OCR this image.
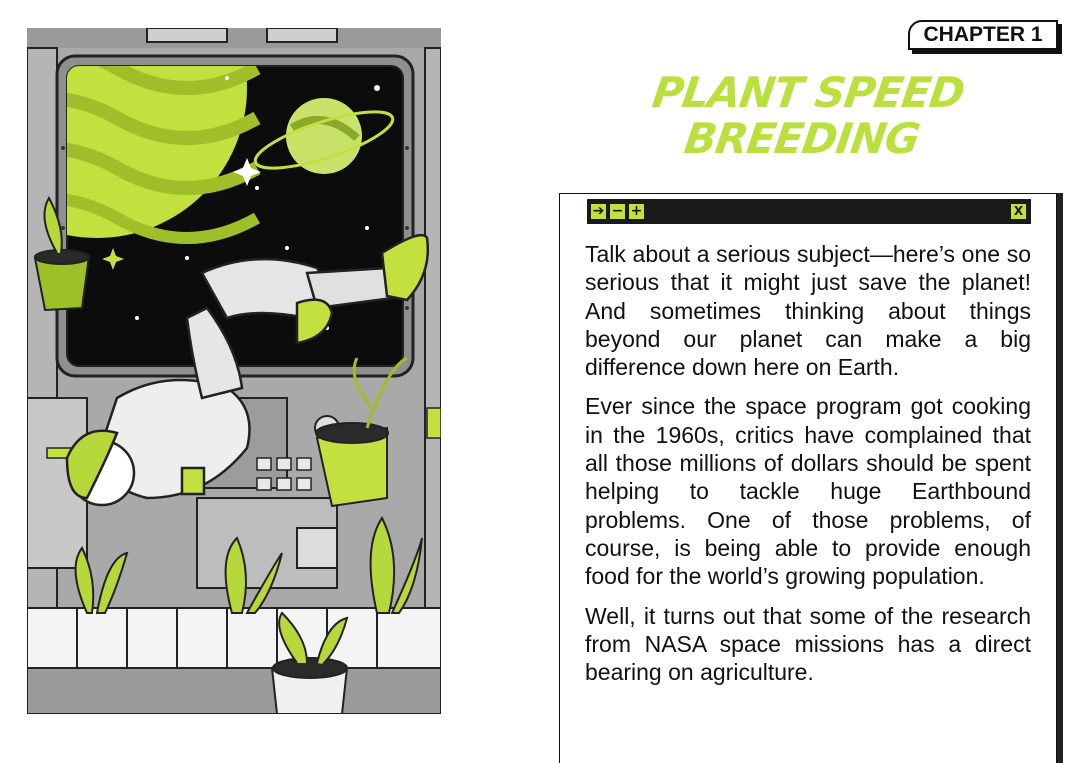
CHAPTER 1
PLANT SPEED
BREEDING
➔ − +	X

Talk about a serious subject—here’s one so serious that it might just save the planet! And sometimes thinking about things beyond our planet can make a big difference down here on Earth.

Ever since the space program got cooking in the 1960s, critics have complained that all those millions of dollars should be spent helping to tackle huge Earthbound problems. One of those problems, of course, is being able to provide enough food for the world’s growing population.

Well, it turns out that some of the research from NASA space missions has a direct bearing on agriculture.
